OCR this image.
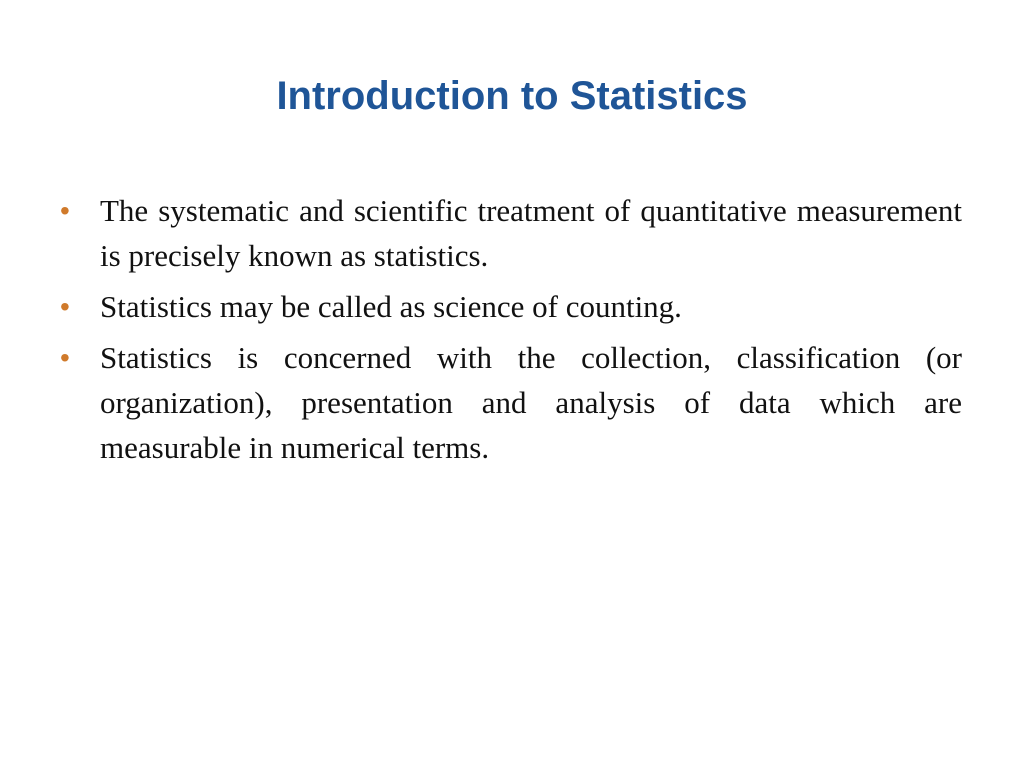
Introduction to Statistics
• The systematic and scientific treatment of quantitative measurement is precisely known as statistics.
• Statistics may be called as science of counting.
• Statistics is concerned with the collection, classification (or organization), presentation and analysis of data which are measurable in numerical terms.
